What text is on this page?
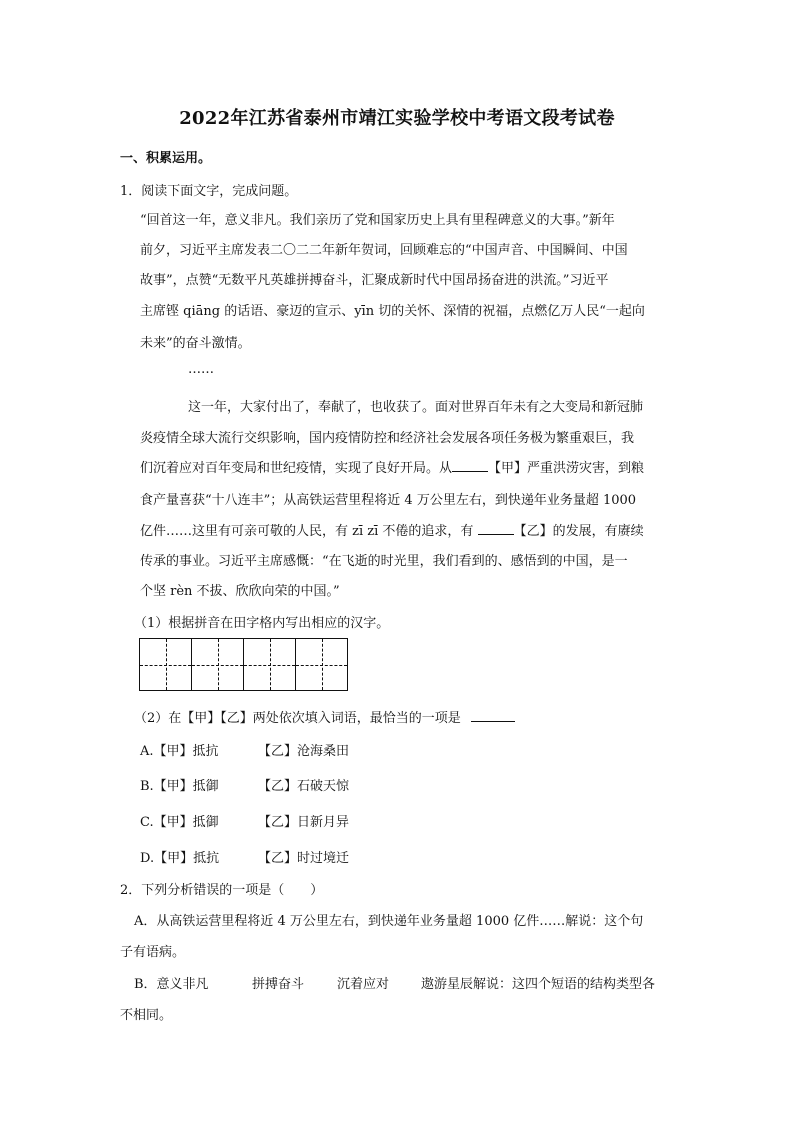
2022年江苏省泰州市靖江实验学校中考语文段考试卷
一、积累运用。
1．阅读下面文字，完成问题。
“回首这一年，意义非凡。我们亲历了党和国家历史上具有里程碑意义的大事。”新年
前夕，习近平主席发表二〇二二年新年贺词，回顾难忘的“中国声音、中国瞬间、中国
故事”，点赞“无数平凡英雄拼搏奋斗，汇聚成新时代中国昂扬奋进的洪流。”习近平
主席铿 qiāng 的话语、豪迈的宣示、yīn 切的关怀、深情的祝福，点燃亿万人民“一起向
未来”的奋斗激情。
……
这一年，大家付出了，奉献了，也收获了。面对世界百年未有之大变局和新冠肺
炎疫情全球大流行交织影响，国内疫情防控和经济社会发展各项任务极为繁重艰巨，我
们沉着应对百年变局和世纪疫情，实现了良好开局。从	【甲】严重洪涝灾害，到粮
食产量喜获“十八连丰”；从高铁运营里程将近 4 万公里左右，到快递年业务量超 1000
亿件……这里有可亲可敬的人民，有 zī zī 不倦的追求，有	【乙】的发展，有赓续
传承的事业。习近平主席感慨：“在飞逝的时光里，我们看到的、感悟到的中国，是一
个坚 rèn 不拔、欣欣向荣的中国。”
（1）根据拼音在田字格内写出相应的汉字。
（2）在【甲】【乙】两处依次填入词语，最恰当的一项是
A.【甲】抵抗	【乙】沧海桑田
B.【甲】抵御	【乙】石破天惊
C.【甲】抵御	【乙】日新月异
D.【甲】抵抗	【乙】时过境迁
2．下列分析错误的一项是（　　）
A．从高铁运营里程将近 4 万公里左右，到快递年业务量超 1000 亿件……解说：这个句
子有语病。
B．意义非凡	拼搏奋斗	沉着应对 遨游星辰解说：这四个短语的结构类型各
不相同。
